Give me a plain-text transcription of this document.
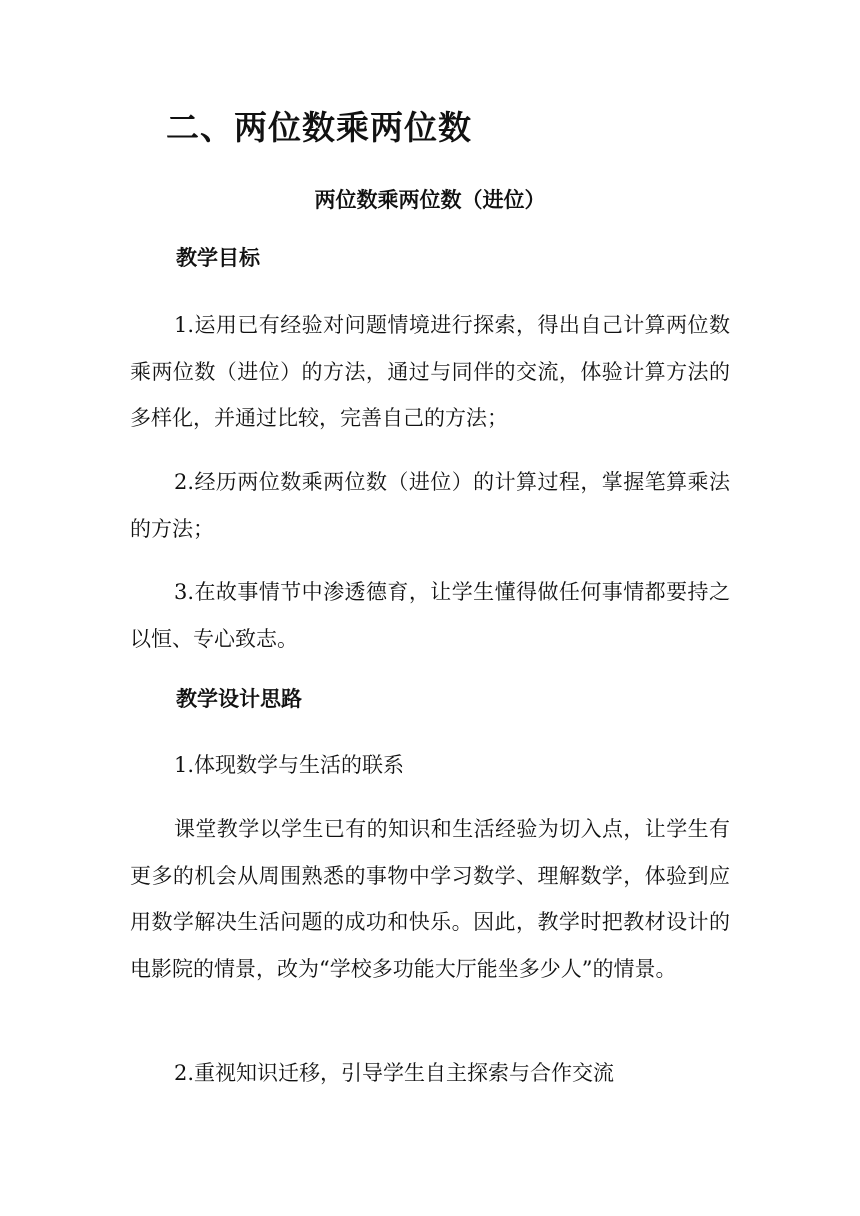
二、两位数乘两位数
两位数乘两位数（进位）
教学目标

1.运用已有经验对问题情境进行探索，得出自己计算两位数乘两位数（进位）的方法，通过与同伴的交流，体验计算方法的多样化，并通过比较，完善自己的方法；

2.经历两位数乘两位数（进位）的计算过程，掌握笔算乘法的方法；

3.在故事情节中渗透德育，让学生懂得做任何事情都要持之以恒、专心致志。

教学设计思路

1.体现数学与生活的联系

课堂教学以学生已有的知识和生活经验为切入点，让学生有更多的机会从周围熟悉的事物中学习数学、理解数学，体验到应用数学解决生活问题的成功和快乐。因此，教学时把教材设计的电影院的情景，改为“学校多功能大厅能坐多少人”的情景。

2.重视知识迁移，引导学生自主探索与合作交流
